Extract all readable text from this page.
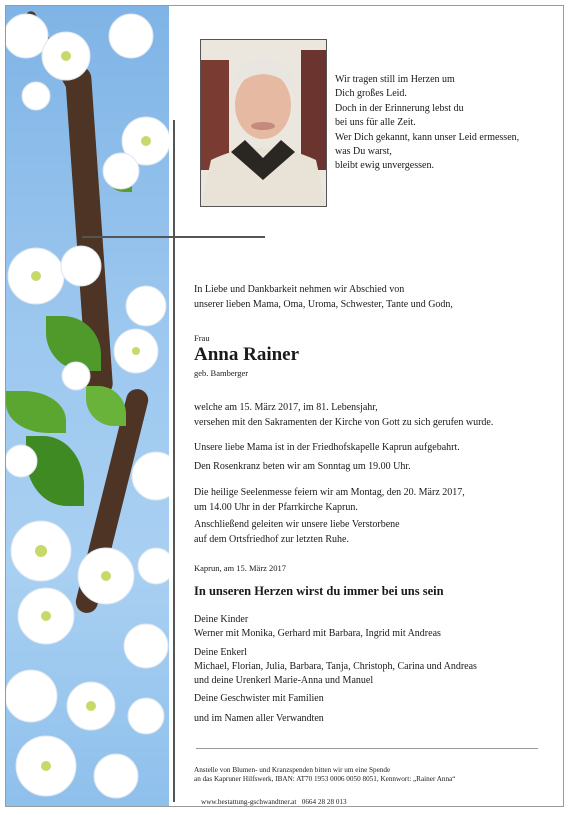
Wir tragen still im Herzen um
Dich großes Leid.
Doch in der Erinnerung lebst du
bei uns für alle Zeit.
Wer Dich gekannt, kann unser Leid ermessen,
was Du warst,
bleibt ewig unvergessen.
In Liebe und Dankbarkeit nehmen wir Abschied von
unserer lieben Mama, Oma, Uroma, Schwester, Tante und Godn,
Frau
Anna Rainer
geb. Bamberger
welche am 15. März 2017, im 81. Lebensjahr,
versehen mit den Sakramenten der Kirche von Gott zu sich gerufen wurde.
Unsere liebe Mama ist in der Friedhofskapelle Kaprun aufgebahrt.
Den Rosenkranz beten wir am Sonntag um 19.00 Uhr.
Die heilige Seelenmesse feiern wir am Montag, den 20. März 2017,
um 14.00 Uhr in der Pfarrkirche Kaprun.
Anschließend geleiten wir unsere liebe Verstorbene
auf dem Ortsfriedhof zur letzten Ruhe.
Kaprun, am 15. März 2017
In unseren Herzen wirst du immer bei uns sein
Deine Kinder
Werner mit Monika, Gerhard mit Barbara, Ingrid mit Andreas
Deine Enkerl
Michael, Florian, Julia, Barbara, Tanja, Christoph, Carina und Andreas
und deine Urenkerl Marie-Anna und Manuel
Deine Geschwister mit Familien
und im Namen aller Verwandten
Anstelle von Blumen- und Kranzspenden bitten wir um eine Spende
an das Kapruner Hilfswerk, IBAN: AT70 1953 0006 0050 8051, Kennwort: „Rainer Anna“
www.bestattung-gschwandtner.at   0664 28 28 013
